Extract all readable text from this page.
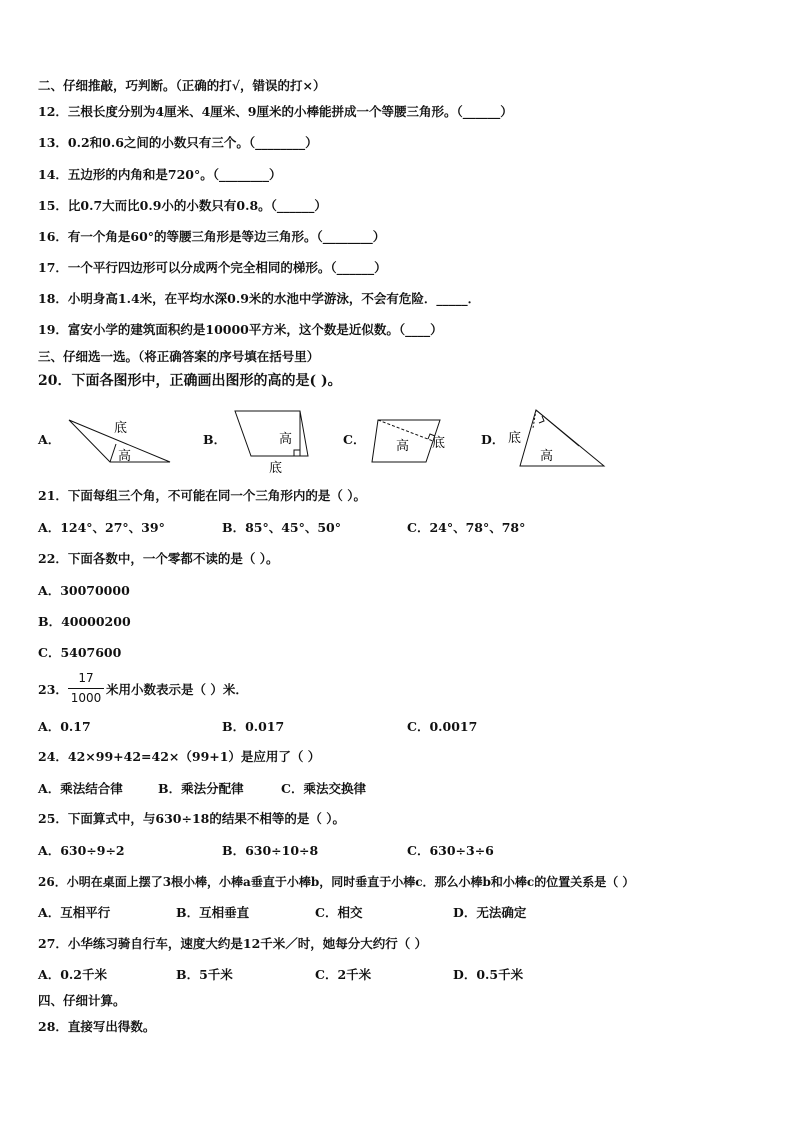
二、仔细推敲，巧判断。（正确的打√，错误的打×）
12．三根长度分别为4厘米、4厘米、9厘米的小棒能拼成一个等腰三角形。（______）
13．0.2和0.6之间的小数只有三个。（________）
14．五边形的内角和是720°。（________）
15．比0.7大而比0.9小的小数只有0.8。（______）
16．有一个角是60°的等腰三角形是等边三角形。（________）
17．一个平行四边形可以分成两个完全相同的梯形。（______）
18．小明身高1.4米，在平均水深0.9米的水池中学游泳，不会有危险．_____．
19．富安小学的建筑面积约是10000平方米，这个数是近似数。（____）
三、仔细选一选。（将正确答案的序号填在括号里）
20．下面各图形中，正确画出图形的高的是( )。
A．
底
高
B．	高
底
C． 高 底	D． 底
高
21．下面每组三个角，不可能在同一个三角形内的是（ ）。
A．124°、27°、39°	B．85°、45°、50°	C．24°、78°、78°
22．下面各数中，一个零都不读的是（ ）。
A．30070000
B．40000200
C．5407600
23．
17
1000
米用小数表示是（ ）米．
A．0.17	B．0.017	C．0.0017
24．42×99+42=42×（99+1）是应用了（ ）
A．乘法结合律	B．乘法分配律	C．乘法交换律
25．下面算式中，与630÷18的结果不相等的是（ ）。
A．630÷9÷2	B．630÷10÷8	C．630÷3÷6
26．小明在桌面上摆了3根小棒，小棒a垂直于小棒b，同时垂直于小棒c．那么小棒b和小棒c的位置关系是（ ）
A．互相平行	B．互相垂直	C．相交	D．无法确定
27．小华练习骑自行车，速度大约是12千米／时，她每分大约行（ ）
A．0.2千米	B．5千米	C．2千米	D．0.5千米
四、仔细计算。
28．直接写出得数。
